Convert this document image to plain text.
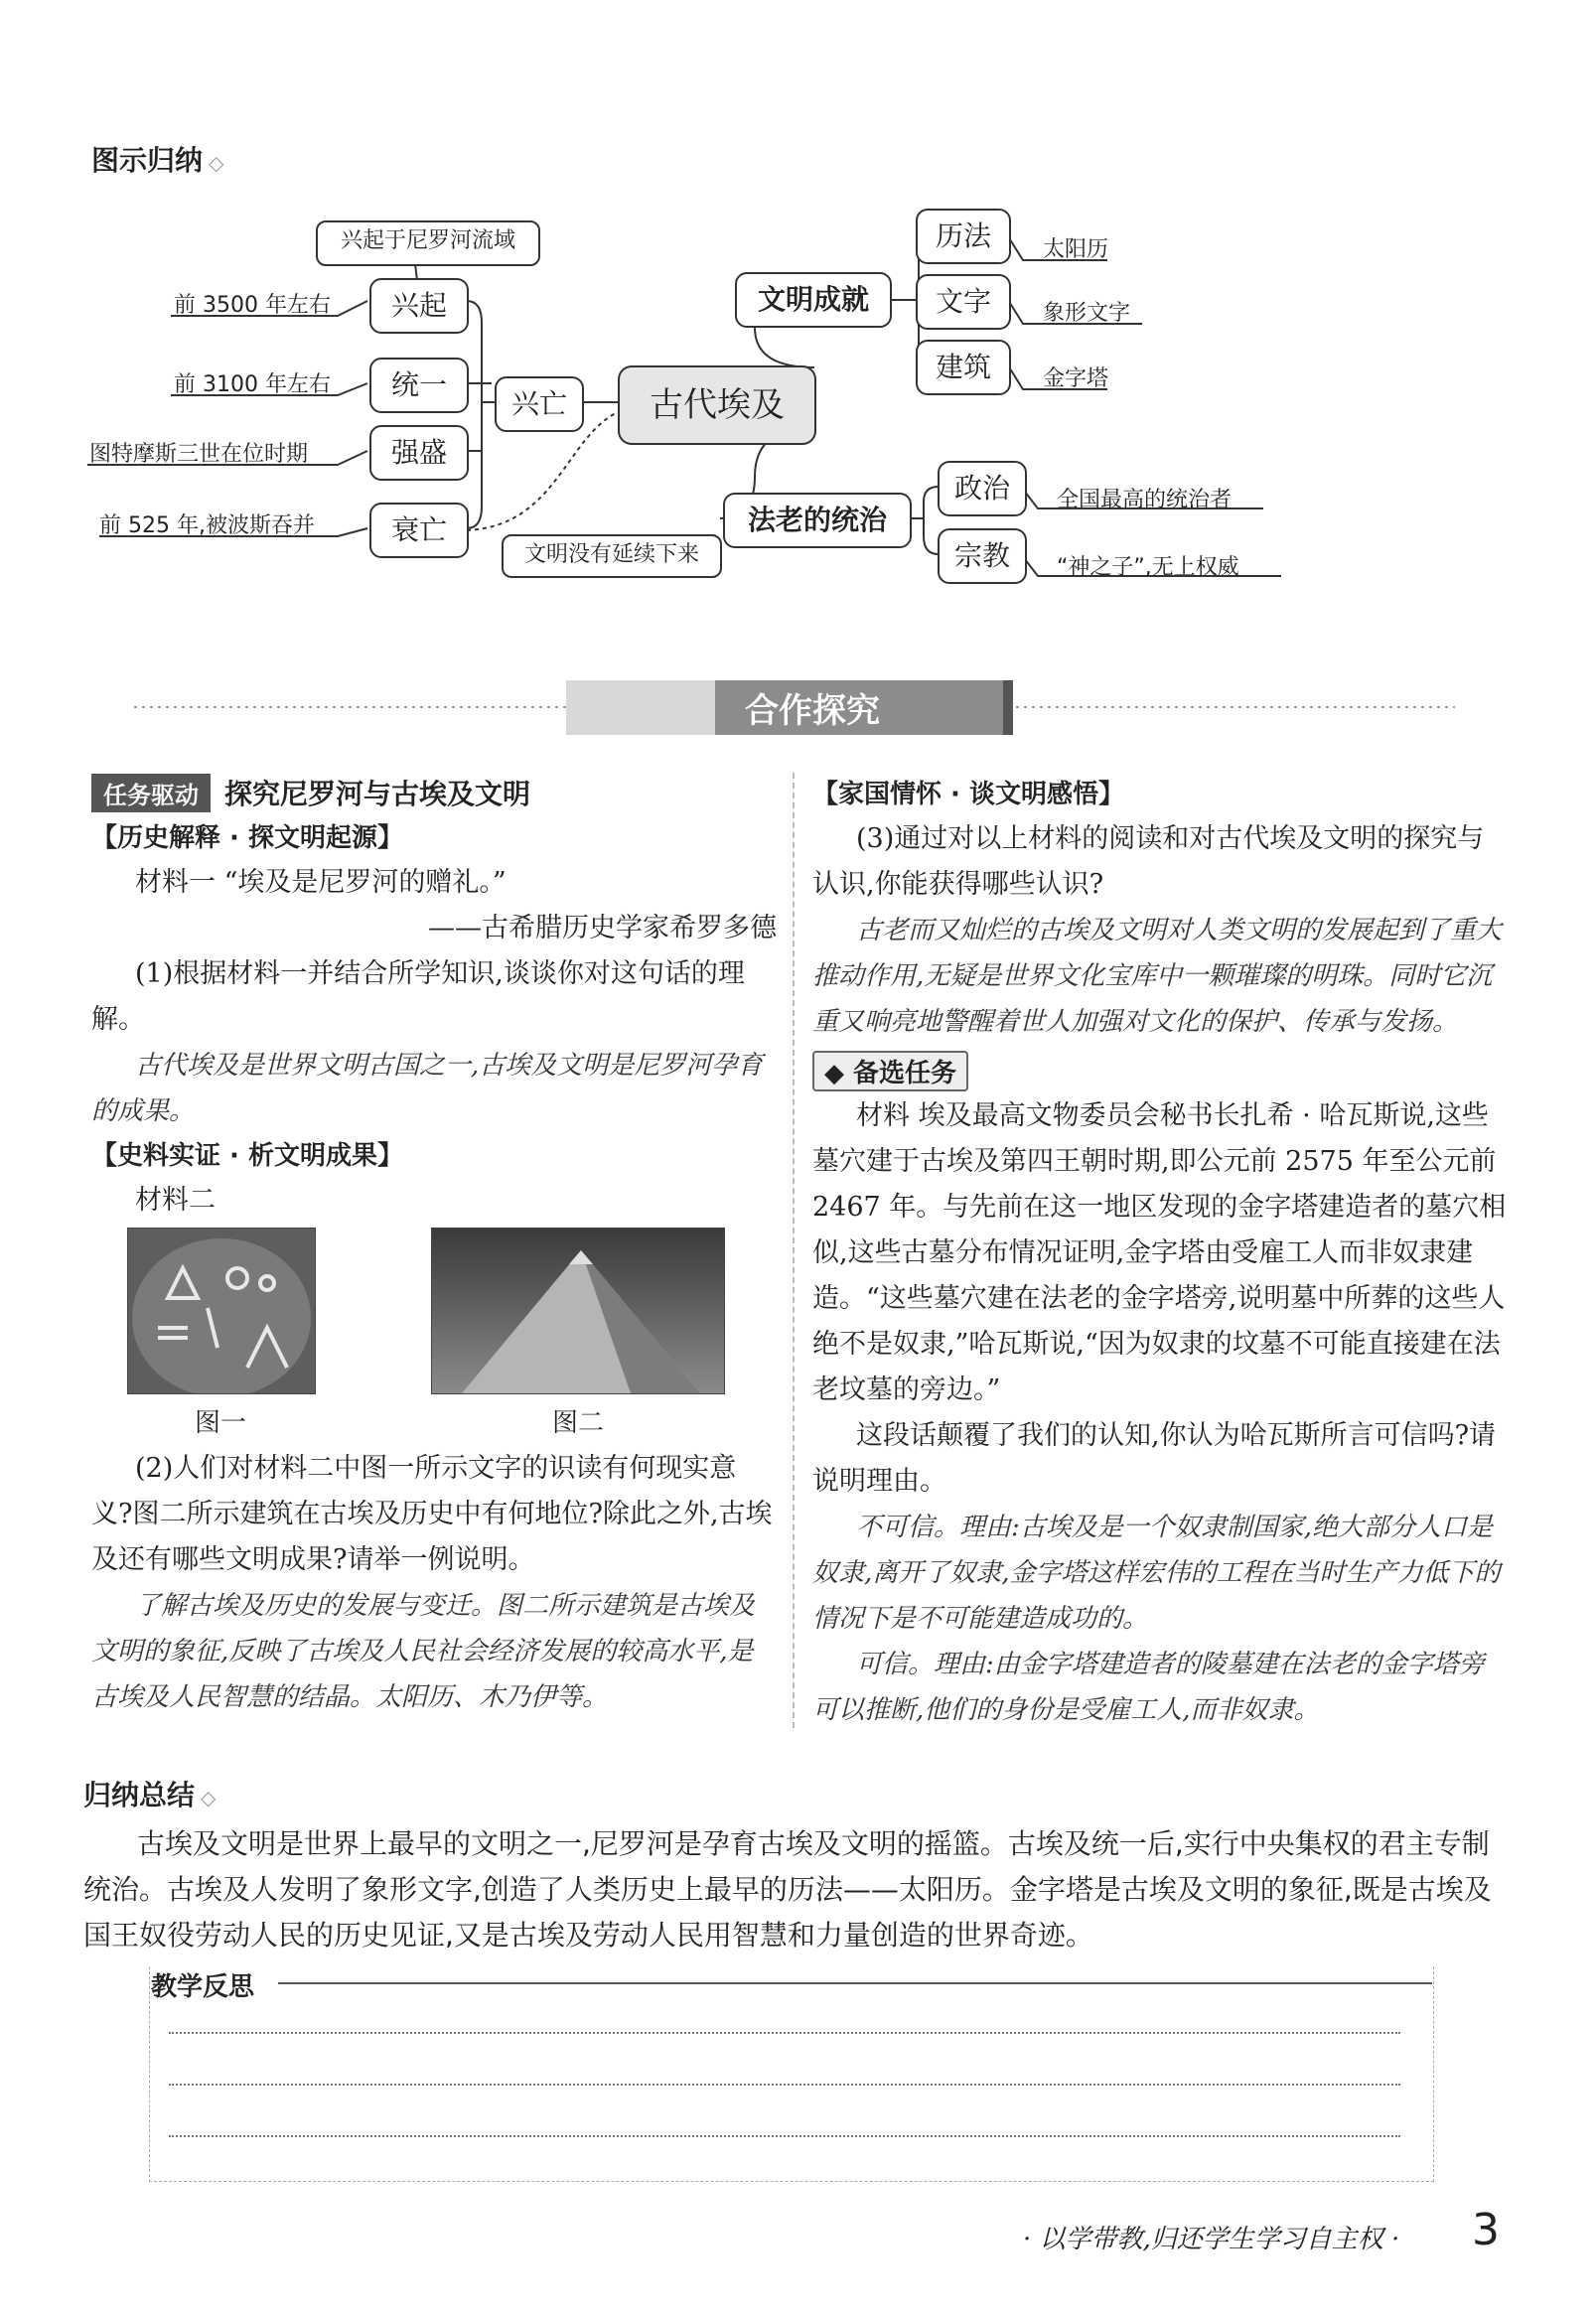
图示归纳 ◇
兴起于尼罗河流域
兴起
统一
强盛
衰亡
前 3500 年左右
前 3100 年左右
图特摩斯三世在位时期
前 525 年,被波斯吞并
兴亡	古代埃及
文明成就
法老的统治
历法
文字
建筑
太阳历
象形文字
金字塔
政治
宗教
全国最高的统治者
“神之子”,无上权威
文明没有延续下来
合作探究

任务驱动 探究尼罗河与古埃及文明

【历史解释 · 探文明起源】

材料一 “埃及是尼罗河的赠礼。”

——古希腊历史学家希罗多德

(1)根据材料一并结合所学知识,谈谈你对这句话的理解。

古代埃及是世界文明古国之一,古埃及文明是尼罗河孕育的成果。

【史料实证 · 析文明成果】

材料二

图一	图二

(2)人们对材料二中图一所示文字的识读有何现实意义?图二所示建筑在古埃及历史中有何地位?除此之外,古埃及还有哪些文明成果?请举一例说明。

了解古埃及历史的发展与变迁。图二所示建筑是古埃及文明的象征,反映了古埃及人民社会经济发展的较高水平,是古埃及人民智慧的结晶。太阳历、木乃伊等。

【家国情怀 · 谈文明感悟】

(3)通过对以上材料的阅读和对古代埃及文明的探究与认识,你能获得哪些认识?

古老而又灿烂的古埃及文明对人类文明的发展起到了重大推动作用,无疑是世界文化宝库中一颗璀璨的明珠。同时它沉重又响亮地警醒着世人加强对文化的保护、传承与发扬。

◆ 备选任务

材料 埃及最高文物委员会秘书长扎希 · 哈瓦斯说,这些墓穴建于古埃及第四王朝时期,即公元前 2575 年至公元前 2467 年。与先前在这一地区发现的金字塔建造者的墓穴相似,这些古墓分布情况证明,金字塔由受雇工人而非奴隶建造。“这些墓穴建在法老的金字塔旁,说明墓中所葬的这些人绝不是奴隶,”哈瓦斯说,“因为奴隶的坟墓不可能直接建在法老坟墓的旁边。”

这段话颠覆了我们的认知,你认为哈瓦斯所言可信吗?请说明理由。

不可信。理由:古埃及是一个奴隶制国家,绝大部分人口是奴隶,离开了奴隶,金字塔这样宏伟的工程在当时生产力低下的情况下是不可能建造成功的。

可信。理由:由金字塔建造者的陵墓建在法老的金字塔旁可以推断,他们的身份是受雇工人,而非奴隶。

归纳总结 ◇
古埃及文明是世界上最早的文明之一,尼罗河是孕育古埃及文明的摇篮。古埃及统一后,实行中央集权的君主专制统治。古埃及人发明了象形文字,创造了人类历史上最早的历法——太阳历。金字塔是古埃及文明的象征,既是古埃及国王奴役劳动人民的历史见证,又是古埃及劳动人民用智慧和力量创造的世界奇迹。
教学反思
· 以学带教,归还学生学习自主权 · 3
